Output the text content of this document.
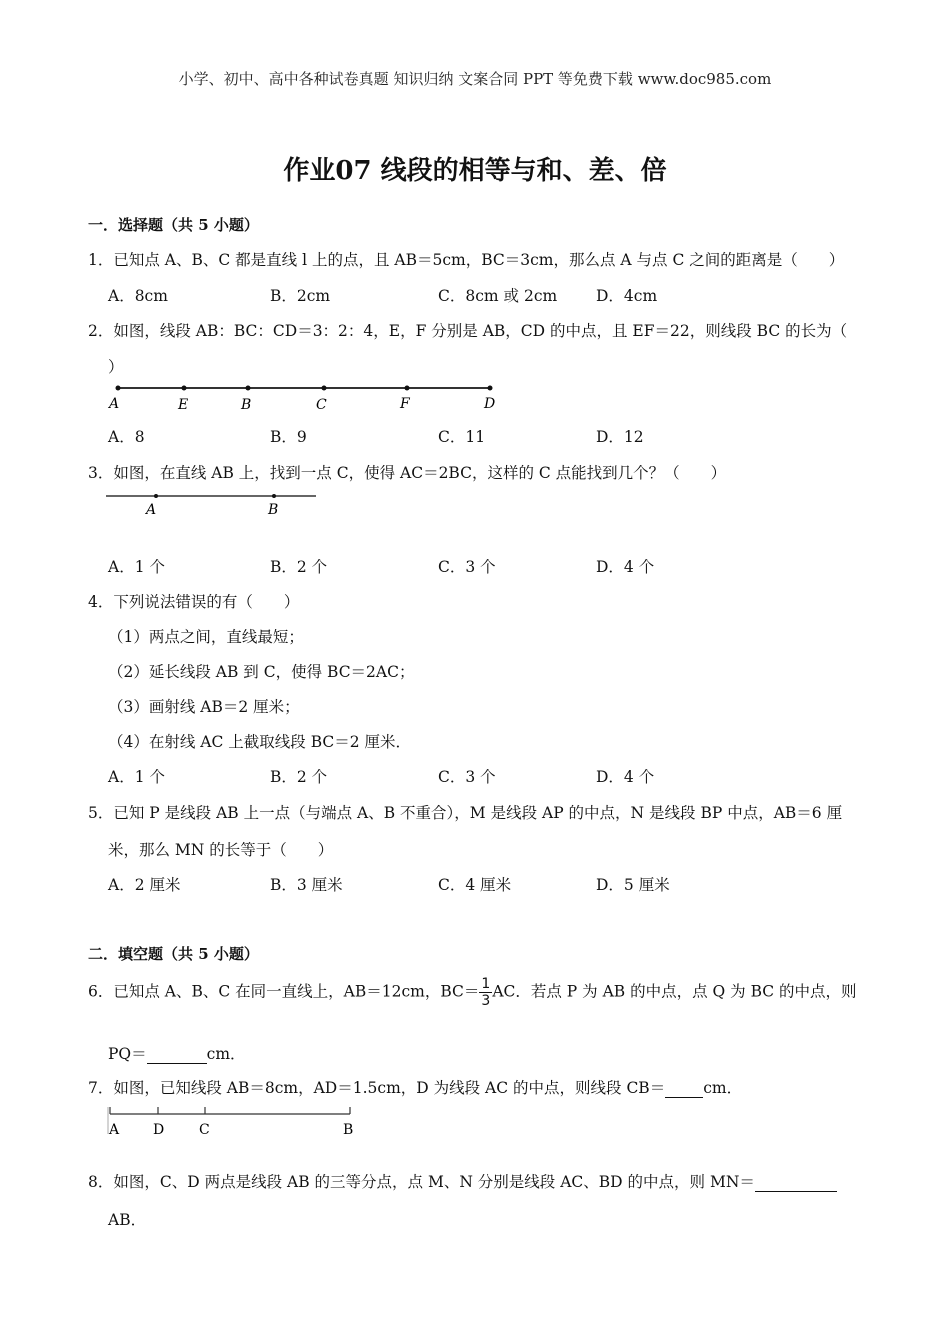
小学、初中、高中各种试卷真题 知识归纳 文案合同 PPT 等免费下载 www.doc985.com
作业07 线段的相等与和、差、倍
一．选择题（共 5 小题）
1．已知点 A、B、C 都是直线 l 上的点，且 AB＝5cm，BC＝3cm，那么点 A 与点 C 之间的距离是（　　）
A．8cm	B．2cm	C．8cm 或 2cm	D．4cm
2．如图，线段 AB：BC：CD＝3：2：4，E，F 分别是 AB，CD 的中点，且 EF＝22，则线段 BC 的长为（
）
A	E	B	C	F	D
A．8	B．9	C．11	D．12
3．如图，在直线 AB 上，找到一点 C，使得 AC＝2BC，这样的 C 点能找到几个？（　　）
A	B
A．1 个	B．2 个	C．3 个	D．4 个
4．下列说法错误的有（　　）
（1）两点之间，直线最短；
（2）延长线段 AB 到 C，使得 BC＝2AC；
（3）画射线 AB＝2 厘米；
（4）在射线 AC 上截取线段 BC＝2 厘米．
A．1 个	B．2 个	C．3 个	D．4 个
5．已知 P 是线段 AB 上一点（与端点 A、B 不重合），M 是线段 AP 的中点，N 是线段 BP 中点，AB＝6 厘
米，那么 MN 的长等于（　　）
A．2 厘米	B．3 厘米	C．4 厘米	D．5 厘米
二．填空题（共 5 小题）
6．已知点 A、B、C 在同一直线上，AB＝12cm，$BC= \frac{1}{3}$ AC．若点 P 为 AB 的中点，点 Q 为 BC 的中点，则
PQ＝	cm．
7．如图，已知线段 AB＝8cm，AD＝1.5cm，D 为线段 AC 的中点，则线段 CB＝ cm．
A D C	B
8．如图，C、D 两点是线段 AB 的三等分点，点 M、N 分别是线段 AC、BD 的中点，则 MN＝
AB．
